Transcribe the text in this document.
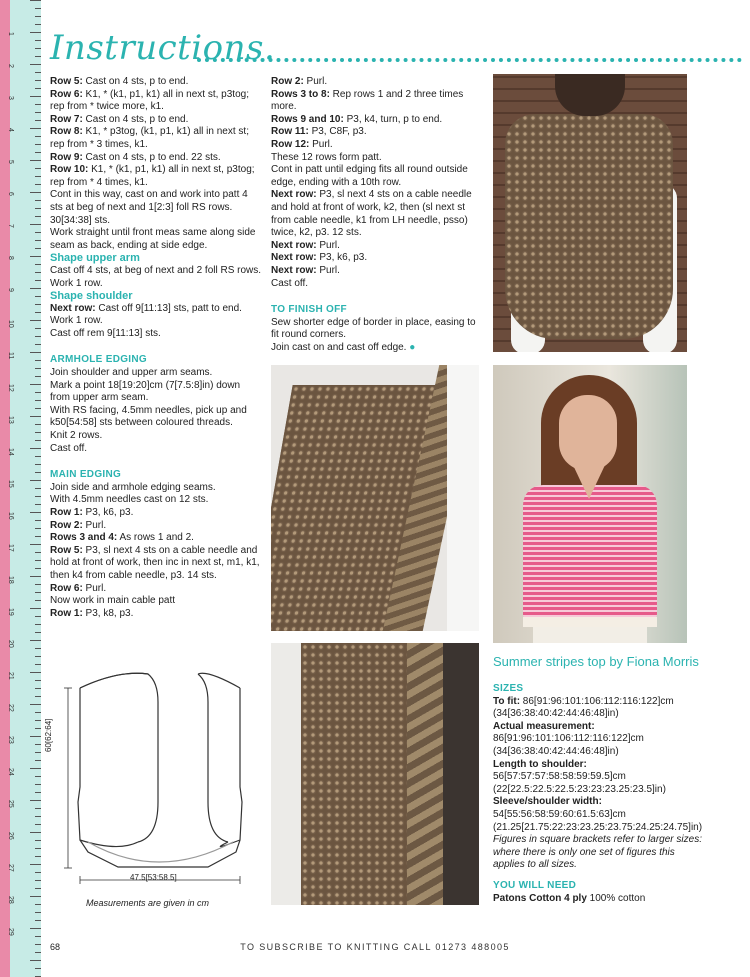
1
2
3
4
5
6
7
8
9
10
11
12
13
14
15
16
17
18
19
20
21
22
23
24
25
26
27
28
29
Instructions.

Row 5: Cast on 4 sts, p to end.

Row 6: K1, * (k1, p1, k1) all in next st, p3tog; rep from * twice more, k1.

Row 7: Cast on 4 sts, p to end.

Row 8: K1, * p3tog, (k1, p1, k1) all in next st; rep from * 3 times, k1.

Row 9: Cast on 4 sts, p to end. 22 sts.

Row 10: K1, * (k1, p1, k1) all in next st, p3tog; rep from * 4 times, k1.

Cont in this way, cast on and work into patt 4 sts at beg of next and 1[2:3] foll RS rows. 30[34:38] sts.

Work straight until front meas same along side seam as back, ending at side edge.

Shape upper arm

Cast off 4 sts, at beg of next and 2 foll RS rows.

Work 1 row.

Shape shoulder

Next row: Cast off 9[11:13] sts, patt to end.

Work 1 row.

Cast off rem 9[11:13] sts.

ARMHOLE EDGING

Join shoulder and upper arm seams.

Mark a point 18[19:20]cm (7[7.5:8]in) down from upper arm seam.

With RS facing, 4.5mm needles, pick up and k50[54:58] sts between coloured threads.

Knit 2 rows.

Cast off.

MAIN EDGING

Join side and armhole edging seams.

With 4.5mm needles cast on 12 sts.

Row 1: P3, k6, p3.

Row 2: Purl.

Rows 3 and 4: As rows 1 and 2.

Row 5: P3, sl next 4 sts on a cable needle and hold at front of work, then inc in next st, m1, k1, then k4 from cable needle, p3. 14 sts.

Row 6: Purl.

Now work in main cable patt

Row 1: P3, k8, p3.

Row 2: Purl.

Rows 3 to 8: Rep rows 1 and 2 three times more.

Rows 9 and 10: P3, k4, turn, p to end.

Row 11: P3, C8F, p3.

Row 12: Purl.

These 12 rows form patt.

Cont in patt until edging fits all round outside edge, ending with a 10th row.

Next row: P3, sl next 4 sts on a cable needle and hold at front of work, k2, then (sl next st from cable needle, k1 from LH needle, psso) twice, k2, p3. 12 sts.

Next row: Purl.

Next row: P3, k6, p3.

Next row: Purl.

Cast off.

TO FINISH OFF

Sew shorter edge of border in place, easing to fit round corners.

Join cast on and cast off edge. ●

60[62:64]
47.5[53:58.5]
Measurements are given in cm
Summer stripes top by Fiona Morris

SIZES

To fit: 86[91:96:101:106:112:116:122]cm (34[36:38:40:42:44:46:48]in)

Actual measurement:

86[91:96:101:106:112:116:122]cm (34[36:38:40:42:44:46:48]in)

Length to shoulder:

56[57:57:57:58:58:59:59.5]cm (22[22.5:22.5:22.5:23:23:23.25:23.5]in)

Sleeve/shoulder width:

54[55:56:58:59:60:61.5:63]cm (21.25[21.75:22:23:23.25:23.75:24.25:24.75]in)

Figures in square brackets refer to larger sizes: where there is only one set of figures this applies to all sizes.

YOU WILL NEED

Patons Cotton 4 ply 100% cotton

68	TO SUBSCRIBE TO KNITTING CALL 01273 488005
